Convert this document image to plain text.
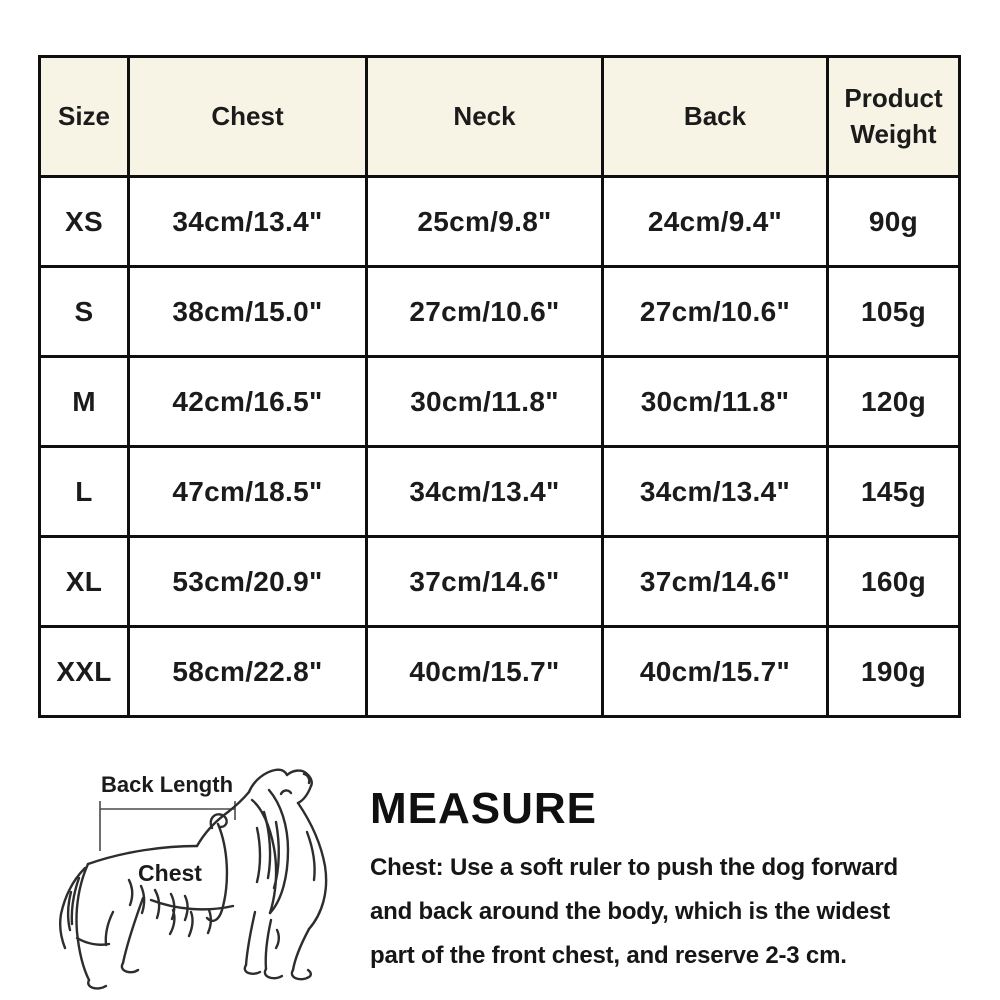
Size	Chest	Neck	Back	Product Weight
XS	34cm/13.4"	25cm/9.8"	24cm/9.4"	90g
S	38cm/15.0"	27cm/10.6"	27cm/10.6"	105g
M	42cm/16.5"	30cm/11.8"	30cm/11.8"	120g
L	47cm/18.5"	34cm/13.4"	34cm/13.4"	145g
XL	53cm/20.9"	37cm/14.6"	37cm/14.6"	160g
XXL	58cm/22.8"	40cm/15.7"	40cm/15.7"	190g
Back Length
Chest
MEASURE
Chest: Use a soft ruler to push the dog forward
and back around the body, which is the widest
part of the front chest, and reserve 2-3 cm.
